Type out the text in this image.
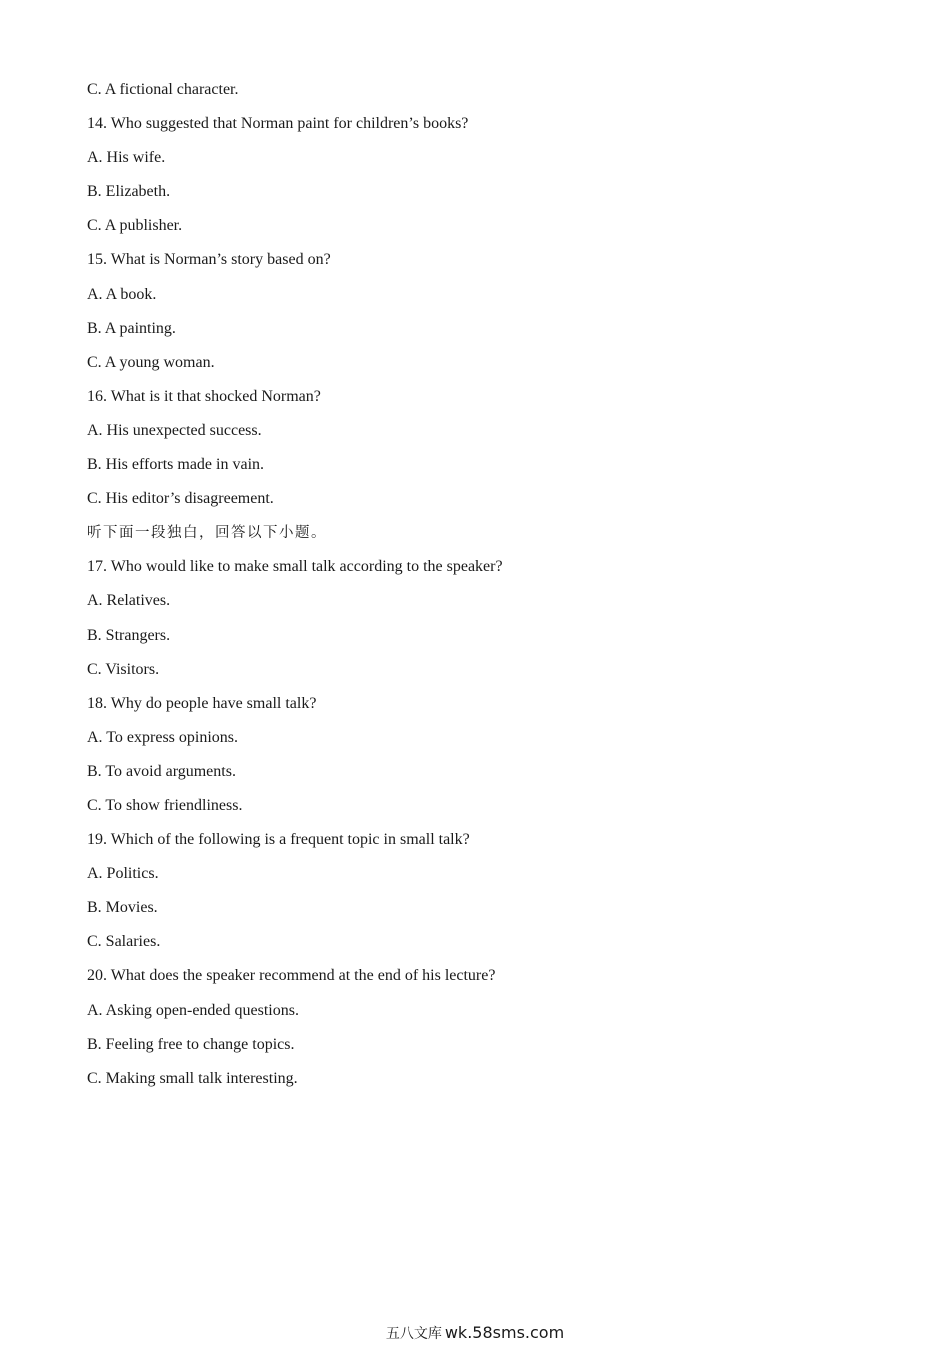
C. A fictional character.
14. Who suggested that Norman paint for children’s books?
A. His wife.
B. Elizabeth.
C. A publisher.
15. What is Norman’s story based on?
A. A book.
B. A painting.
C. A young woman.
16. What is it that shocked Norman?
A. His unexpected success.
B. His efforts made in vain.
C. His editor’s disagreement.
听下面一段独白，回答以下小题。
17. Who would like to make small talk according to the speaker?
A. Relatives.
B. Strangers.
C. Visitors.
18. Why do people have small talk?
A. To express opinions.
B. To avoid arguments.
C. To show friendliness.
19. Which of the following is a frequent topic in small talk?
A. Politics.
B. Movies.
C. Salaries.
20. What does the speaker recommend at the end of his lecture?
A. Asking open-ended questions.
B. Feeling free to change topics.
C. Making small talk interesting.
五八文库 wk.58sms.com
